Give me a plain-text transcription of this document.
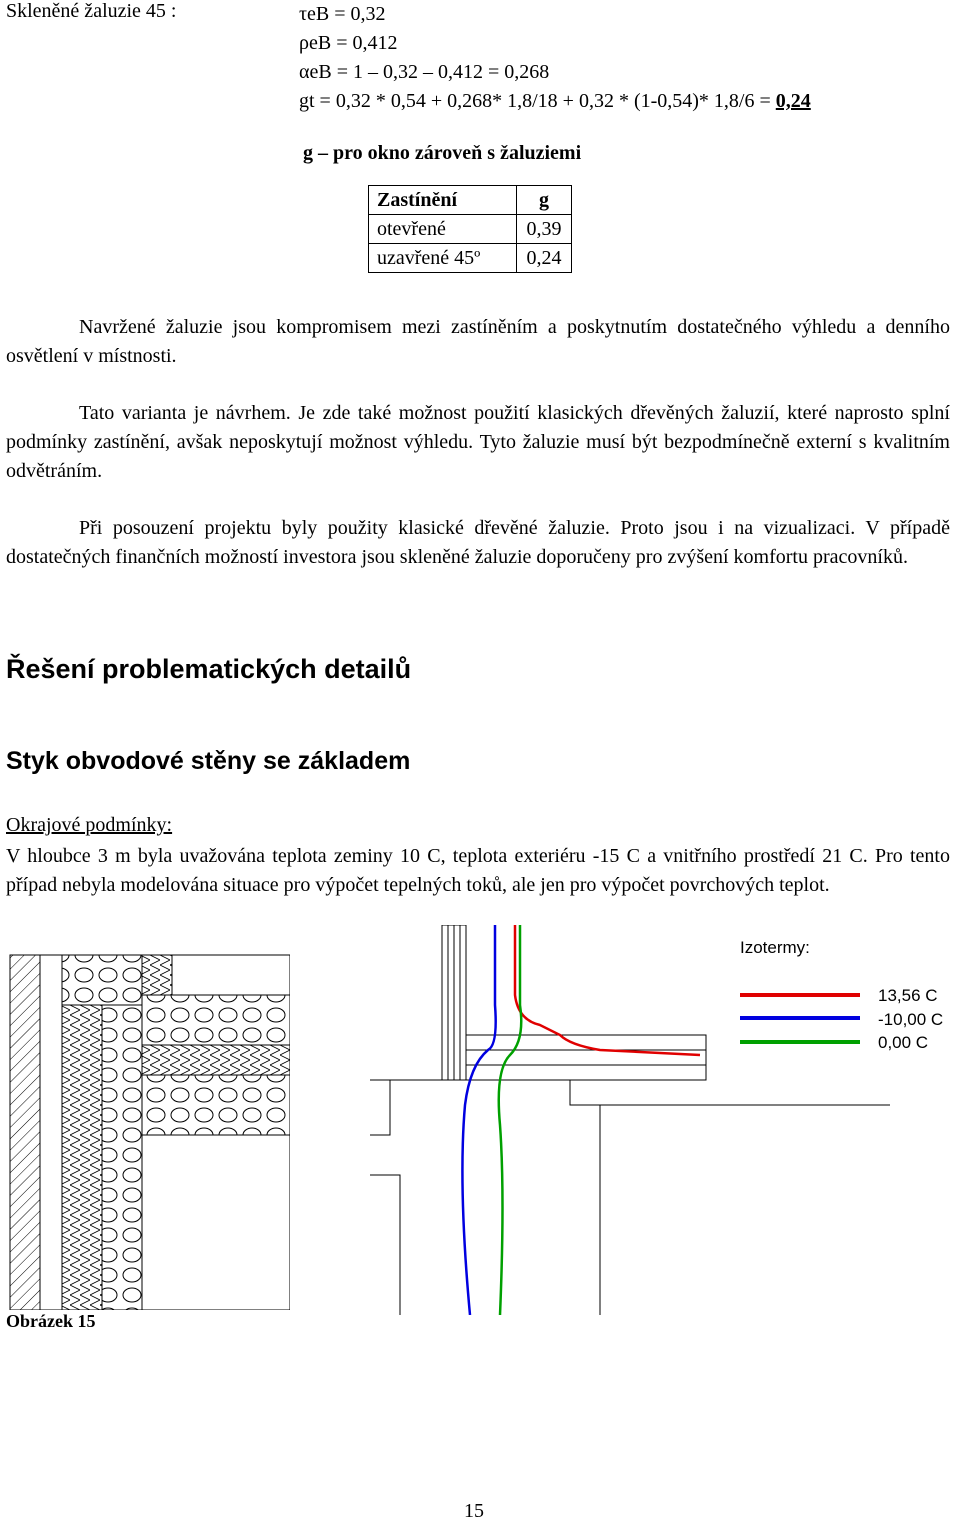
Skleněné žaluzie 45 :	τeB = 0,32
ρeB = 0,412
αeB = 1 – 0,32 – 0,412 = 0,268
gt = 0,32 * 0,54 + 0,268* 1,8/18 + 0,32 * (1-0,54)* 1,8/6 = 0,24
g – pro okno zároveň s žaluziemi
Zastínění	g
otevřené	0,39
uzavřené 45º	0,24

Navržené žaluzie jsou kompromisem mezi zastíněním a poskytnutím dostatečného výhledu a denního osvětlení v místnosti.

Tato varianta je návrhem. Je zde také možnost použití klasických dřevěných žaluzií, které naprosto splní podmínky zastínění, avšak neposkytují možnost výhledu. Tyto žaluzie musí být bezpodmínečně externí s kvalitním odvětráním.

Při posouzení projektu byly použity klasické dřevěné žaluzie. Proto jsou i na vizualizaci. V případě dostatečných finančních možností investora jsou skleněné žaluzie doporučeny pro zvýšení komfortu pracovníků.

Řešení problematických detailů
Styk obvodové stěny se základem
Okrajové podmínky:

V hloubce 3 m byla uvažována teplota zeminy 10 C, teplota exteriéru -15 C a vnitřního prostředí 21 C. Pro tento případ nebyla modelována situace pro výpočet tepelných toků, ale jen pro výpočet povrchových teplot.

Izotermy:
13,56 C
-10,00 C
0,00 C
Obrázek 15
15
